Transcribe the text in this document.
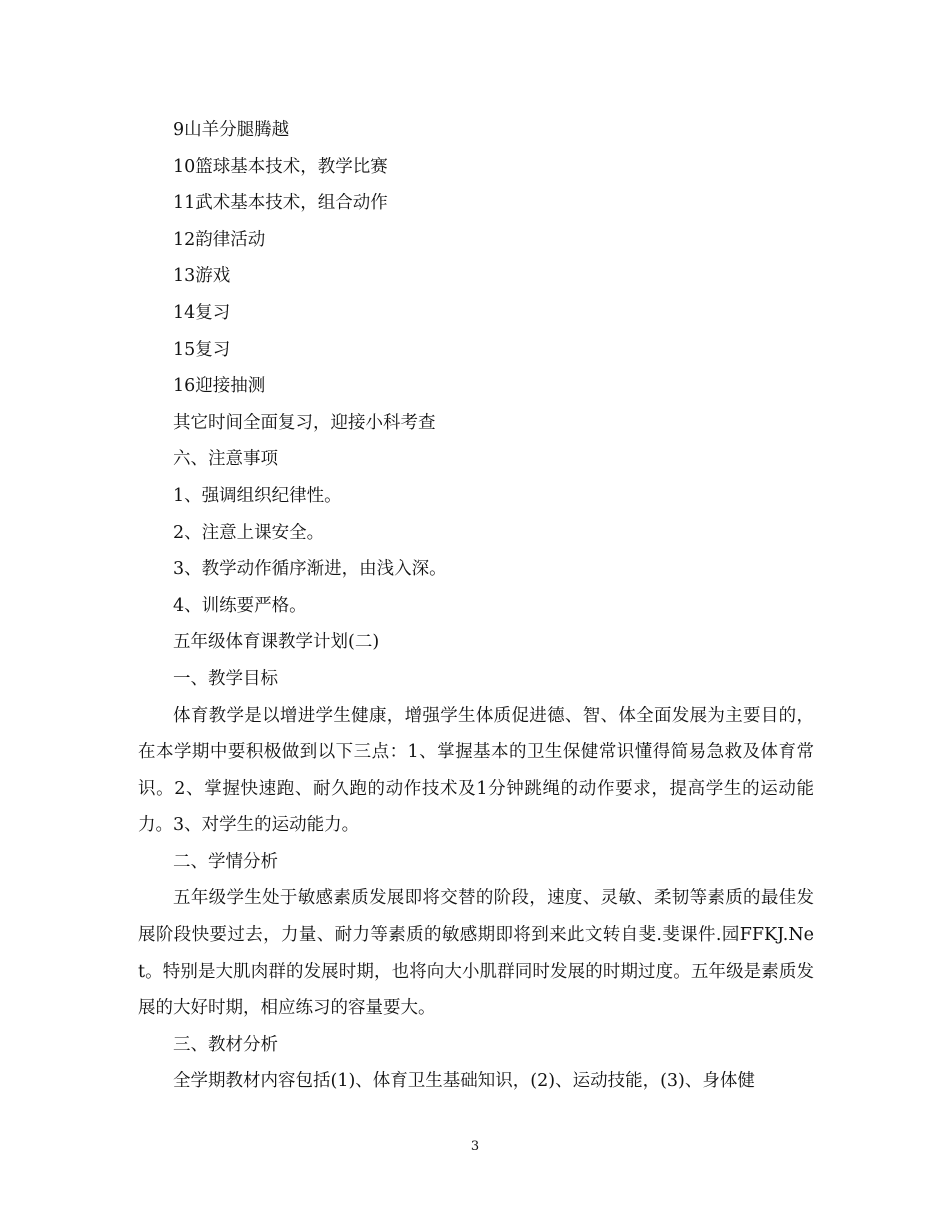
9山羊分腿腾越

10篮球基本技术，教学比赛

11武术基本技术，组合动作

12韵律活动

13游戏

14复习

15复习

16迎接抽测

其它时间全面复习，迎接小科考查

六、注意事项

1、强调组织纪律性。

2、注意上课安全。

3、教学动作循序渐进，由浅入深。

4、训练要严格。

五年级体育课教学计划(二)

一、教学目标

体育教学是以增进学生健康，增强学生体质促进德、智、体全面发展为主要目的，在本学期中要积极做到以下三点：1、掌握基本的卫生保健常识懂得简易急救及体育常识。2、掌握快速跑、耐久跑的动作技术及1分钟跳绳的动作要求，提高学生的运动能力。3、对学生的运动能力。

二、学情分析

五年级学生处于敏感素质发展即将交替的阶段，速度、灵敏、柔韧等素质的最佳发展阶段快要过去，力量、耐力等素质的敏感期即将到来此文转自斐.斐课件.园FFKJ.Net。特别是大肌肉群的发展时期，也将向大小肌群同时发展的时期过度。五年级是素质发展的大好时期，相应练习的容量要大。

三、教材分析

全学期教材内容包括(1)、体育卫生基础知识，(2)、运动技能，(3)、身体健

3
